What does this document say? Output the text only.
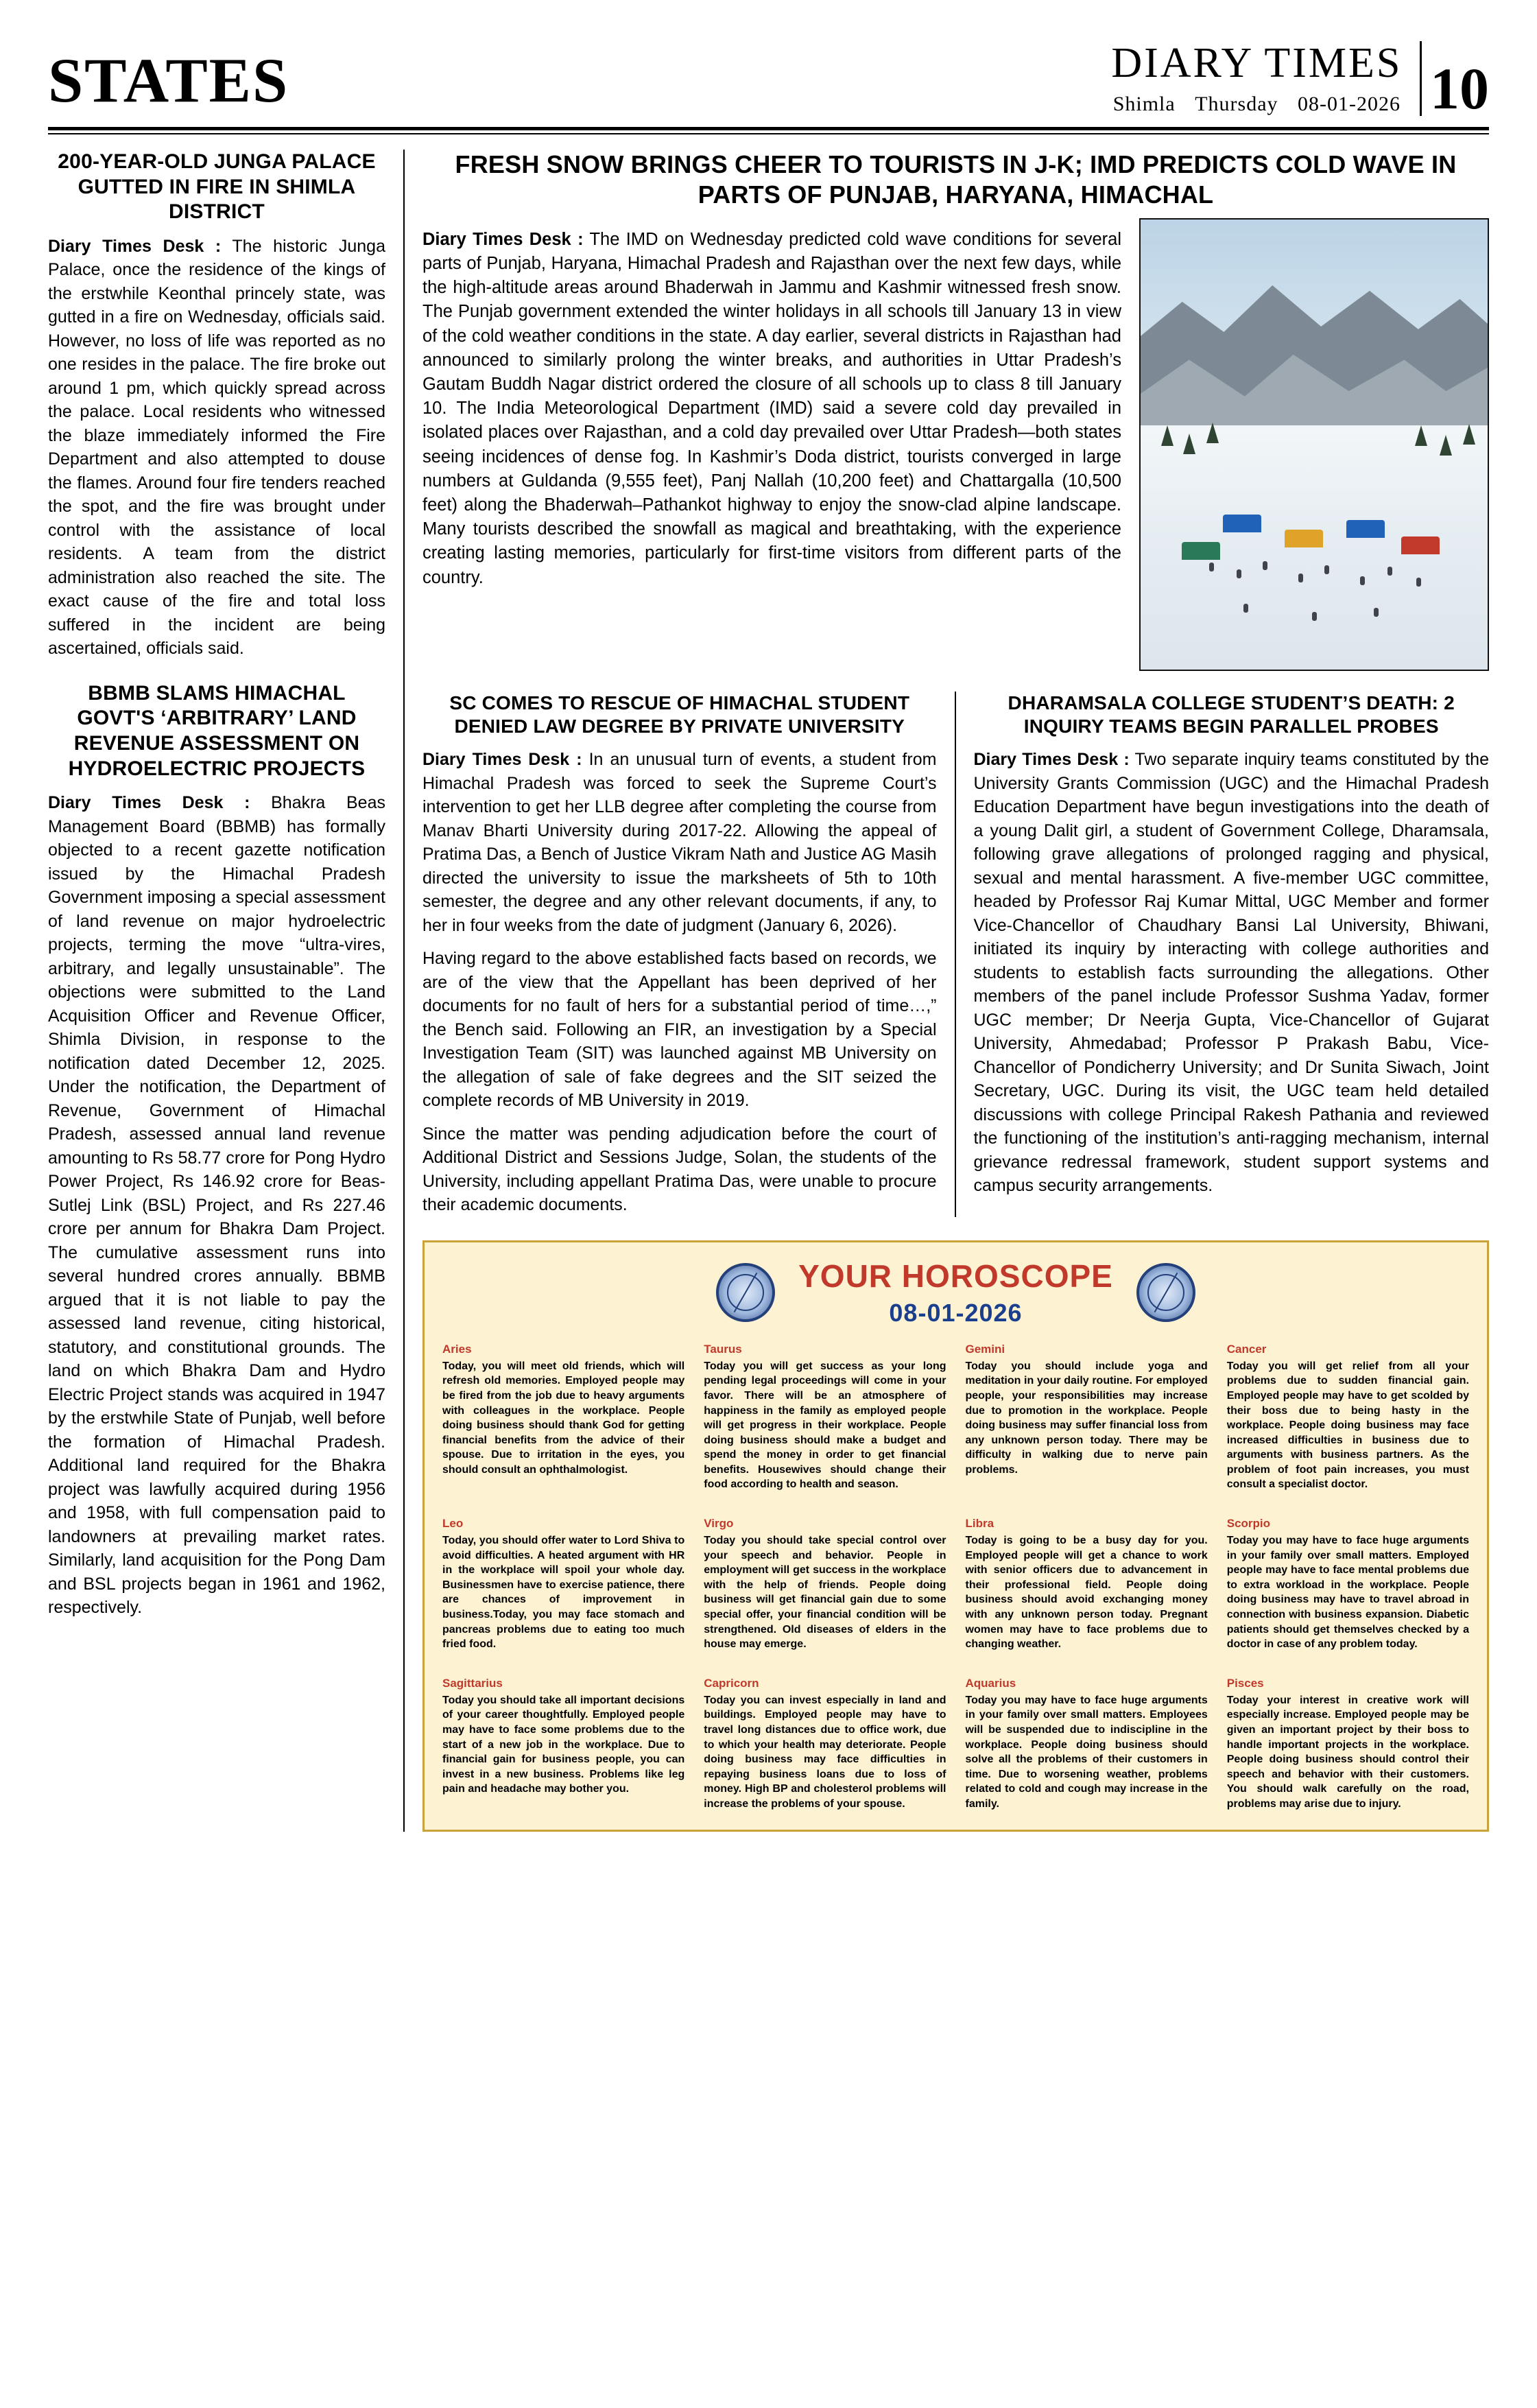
STATES	DIARY TIMES
Shimla Thursday 08-01-2026 10
200-YEAR-OLD JUNGA PALACE GUTTED IN FIRE IN SHIMLA DISTRICT

Diary Times Desk : The historic Junga Palace, once the residence of the kings of the erstwhile Keonthal princely state, was gutted in a fire on Wednesday, officials said. However, no loss of life was reported as no one resides in the palace. The fire broke out around 1 pm, which quickly spread across the palace. Local residents who witnessed the blaze immediately informed the Fire Department and also attempted to douse the flames. Around four fire tenders reached the spot, and the fire was brought under control with the assistance of local residents. A team from the district administration also reached the site. The exact cause of the fire and total loss suffered in the incident are being ascertained, officials said.

BBMB SLAMS HIMACHAL GOVT'S ‘ARBITRARY’ LAND REVENUE ASSESSMENT ON HYDROELECTRIC PROJECTS

Diary Times Desk : Bhakra Beas Management Board (BBMB) has formally objected to a recent gazette notification issued by the Himachal Pradesh Government imposing a special assessment of land revenue on major hydroelectric projects, terming the move “ultra-vires, arbitrary, and legally unsustainable”. The objections were submitted to the Land Acquisition Officer and Revenue Officer, Shimla Division, in response to the notification dated December 12, 2025. Under the notification, the Department of Revenue, Government of Himachal Pradesh, assessed annual land revenue amounting to Rs 58.77 crore for Pong Hydro Power Project, Rs 146.92 crore for Beas-Sutlej Link (BSL) Project, and Rs 227.46 crore per annum for Bhakra Dam Project. The cumulative assessment runs into several hundred crores annually. BBMB argued that it is not liable to pay the assessed land revenue, citing historical, statutory, and constitutional grounds. The land on which Bhakra Dam and Hydro Electric Project stands was acquired in 1947 by the erstwhile State of Punjab, well before the formation of Himachal Pradesh. Additional land required for the Bhakra project was lawfully acquired during 1956 and 1958, with full compensation paid to landowners at prevailing market rates. Similarly, land acquisition for the Pong Dam and BSL projects began in 1961 and 1962, respectively.

FRESH SNOW BRINGS CHEER TO TOURISTS IN J-K; IMD PREDICTS COLD WAVE IN PARTS OF PUNJAB, HARYANA, HIMACHAL

Diary Times Desk : The IMD on Wednesday predicted cold wave conditions for several parts of Punjab, Haryana, Himachal Pradesh and Rajasthan over the next few days, while the high-altitude areas around Bhaderwah in Jammu and Kashmir witnessed fresh snow. The Punjab government extended the winter holidays in all schools till January 13 in view of the cold weather conditions in the state. A day earlier, several districts in Rajasthan had announced to similarly prolong the winter breaks, and authorities in Uttar Pradesh’s Gautam Buddh Nagar district ordered the closure of all schools up to class 8 till January 10. The India Meteorological Department (IMD) said a severe cold day prevailed in isolated places over Rajasthan, and a cold day prevailed over Uttar Pradesh—both states seeing incidences of dense fog. In Kashmir’s Doda district, tourists converged in large numbers at Guldanda (9,555 feet), Panj Nallah (10,200 feet) and Chattargalla (10,500 feet) along the Bhaderwah–Pathankot highway to enjoy the snow-clad alpine landscape. Many tourists described the snowfall as magical and breathtaking, with the experience creating lasting memories, particularly for first-time visitors from different parts of the country.

SC COMES TO RESCUE OF HIMACHAL STUDENT DENIED LAW DEGREE BY PRIVATE UNIVERSITY

Diary Times Desk : In an unusual turn of events, a student from Himachal Pradesh was forced to seek the Supreme Court’s intervention to get her LLB degree after completing the course from Manav Bharti University during 2017-22. Allowing the appeal of Pratima Das, a Bench of Justice Vikram Nath and Justice AG Masih directed the university to issue the marksheets of 5th to 10th semester, the degree and any other relevant documents, if any, to her in four weeks from the date of judgment (January 6, 2026).

Having regard to the above established facts based on records, we are of the view that the Appellant has been deprived of her documents for no fault of hers for a substantial period of time…,” the Bench said. Following an FIR, an investigation by a Special Investigation Team (SIT) was launched against MB University on the allegation of sale of fake degrees and the SIT seized the complete records of MB University in 2019.

Since the matter was pending adjudication before the court of Additional District and Sessions Judge, Solan, the students of the University, including appellant Pratima Das, were unable to procure their academic documents.

DHARAMSALA COLLEGE STUDENT’S DEATH: 2 INQUIRY TEAMS BEGIN PARALLEL PROBES

Diary Times Desk : Two separate inquiry teams constituted by the University Grants Commission (UGC) and the Himachal Pradesh Education Department have begun investigations into the death of a young Dalit girl, a student of Government College, Dharamsala, following grave allegations of prolonged ragging and physical, sexual and mental harassment. A five-member UGC committee, headed by Professor Raj Kumar Mittal, UGC Member and former Vice-Chancellor of Chaudhary Bansi Lal University, Bhiwani, initiated its inquiry by interacting with college authorities and students to establish facts surrounding the allegations. Other members of the panel include Professor Sushma Yadav, former UGC member; Dr Neerja Gupta, Vice-Chancellor of Gujarat University, Ahmedabad; Professor P Prakash Babu, Vice-Chancellor of Pondicherry University; and Dr Sunita Siwach, Joint Secretary, UGC. During its visit, the UGC team held detailed discussions with college Principal Rakesh Pathania and reviewed the functioning of the institution’s anti-ragging mechanism, internal grievance redressal framework, student support systems and campus security arrangements.

YOUR HOROSCOPE
08-01-2026
Aries
Today, you will meet old friends, which will refresh old memories. Employed people may be fired from the job due to heavy arguments with colleagues in the workplace. People doing business should thank God for getting financial benefits from the advice of their spouse. Due to irritation in the eyes, you should consult an ophthalmologist.
Taurus
Today you will get success as your long pending legal proceedings will come in your favor. There will be an atmosphere of happiness in the family as employed people will get progress in their workplace. People doing business should make a budget and spend the money in order to get financial benefits. Housewives should change their food according to health and season.
Gemini
Today you should include yoga and meditation in your daily routine. For employed people, your responsibilities may increase due to promotion in the workplace. People doing business may suffer financial loss from any unknown person today. There may be difficulty in walking due to nerve pain problems.
Cancer
Today you will get relief from all your problems due to sudden financial gain. Employed people may have to get scolded by their boss due to being hasty in the workplace. People doing business may face increased difficulties in business due to arguments with business partners. As the problem of foot pain increases, you must consult a specialist doctor.
Leo
Today, you should offer water to Lord Shiva to avoid difficulties. A heated argument with HR in the workplace will spoil your whole day. Businessmen have to exercise patience, there are chances of improvement in business.Today, you may face stomach and pancreas problems due to eating too much fried food.
Virgo
Today you should take special control over your speech and behavior. People in employment will get success in the workplace with the help of friends. People doing business will get financial gain due to some special offer, your financial condition will be strengthened. Old diseases of elders in the house may emerge.
Libra
Today is going to be a busy day for you. Employed people will get a chance to work with senior officers due to advancement in their professional field. People doing business should avoid exchanging money with any unknown person today. Pregnant women may have to face problems due to changing weather.
Scorpio
Today you may have to face huge arguments in your family over small matters. Employed people may have to face mental problems due to extra workload in the workplace. People doing business may have to travel abroad in connection with business expansion. Diabetic patients should get themselves checked by a doctor in case of any problem today.
Sagittarius
Today you should take all important decisions of your career thoughtfully. Employed people may have to face some problems due to the start of a new job in the workplace. Due to financial gain for business people, you can invest in a new business. Problems like leg pain and headache may bother you.
Capricorn
Today you can invest especially in land and buildings. Employed people may have to travel long distances due to office work, due to which your health may deteriorate. People doing business may face difficulties in repaying business loans due to loss of money. High BP and cholesterol problems will increase the problems of your spouse.
Aquarius
Today you may have to face huge arguments in your family over small matters. Employees will be suspended due to indiscipline in the workplace. People doing business should solve all the problems of their customers in time. Due to worsening weather, problems related to cold and cough may increase in the family.
Pisces
Today your interest in creative work will especially increase. Employed people may be given an important project by their boss to handle important projects in the workplace. People doing business should control their speech and behavior with their customers. You should walk carefully on the road, problems may arise due to injury.
